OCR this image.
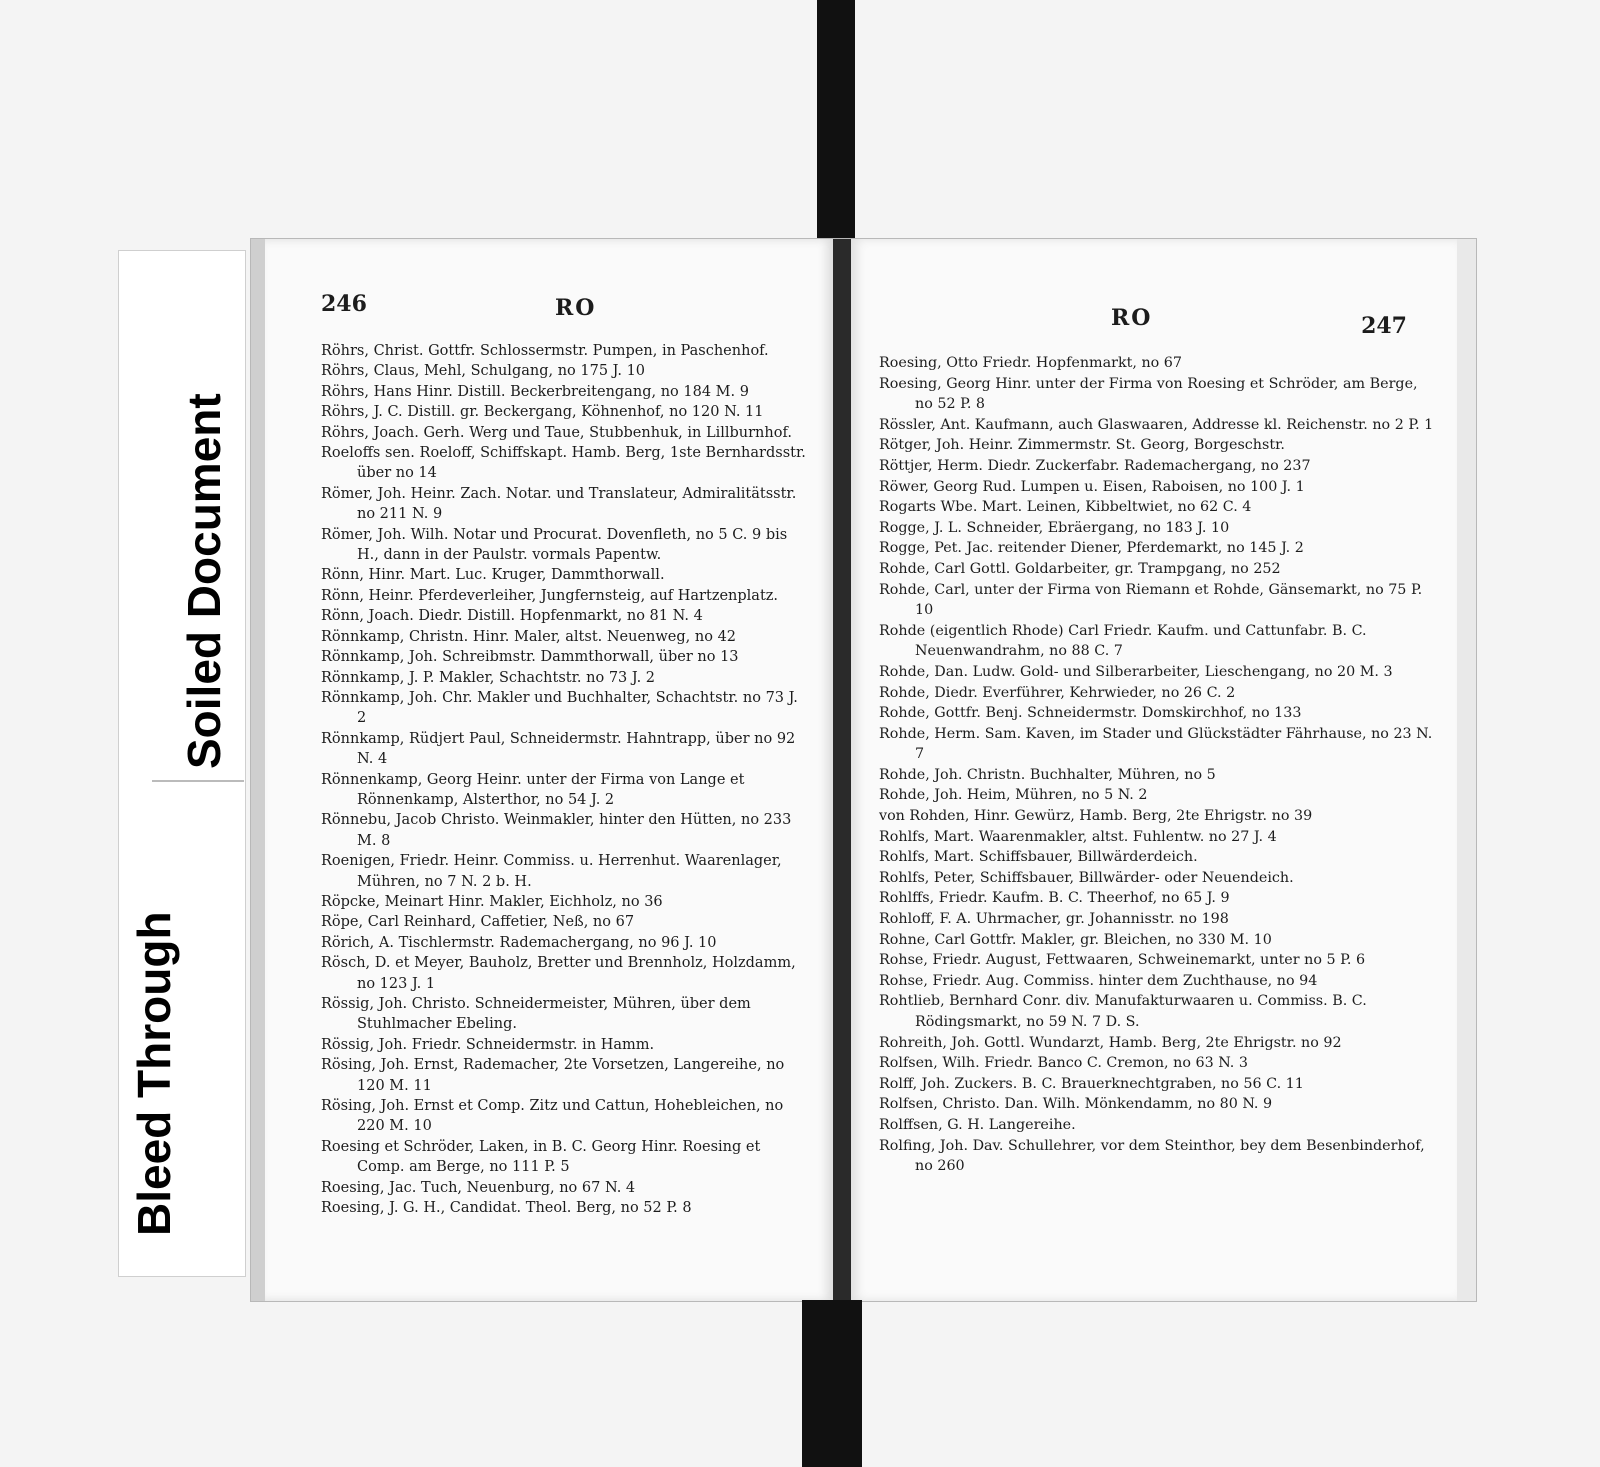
Soiled Document
Bleed Through
246	RO

Röhrs, Christ. Gottfr. Schlossermstr. Pumpen, in Paschenhof.

Röhrs, Claus, Mehl, Schulgang, no 175 J. 10

Röhrs, Hans Hinr. Distill. Beckerbreitengang, no 184 M. 9

Röhrs, J. C. Distill. gr. Beckergang, Köhnenhof, no 120 N. 11

Röhrs, Joach. Gerh. Werg und Taue, Stubbenhuk, in Lillburnhof.

Roeloffs sen. Roeloff, Schiffskapt. Hamb. Berg, 1ste Bernhardsstr. über no 14

Römer, Joh. Heinr. Zach. Notar. und Translateur, Admiralitätsstr. no 211 N. 9

Römer, Joh. Wilh. Notar und Procurat. Dovenfleth, no 5 C. 9 bis H., dann in der Paulstr. vormals Papentw.

Rönn, Hinr. Mart. Luc. Kruger, Dammthorwall.

Rönn, Heinr. Pferdeverleiher, Jungfernsteig, auf Hartzenplatz.

Rönn, Joach. Diedr. Distill. Hopfenmarkt, no 81 N. 4

Rönnkamp, Christn. Hinr. Maler, altst. Neuenweg, no 42

Rönnkamp, Joh. Schreibmstr. Dammthorwall, über no 13

Rönnkamp, J. P. Makler, Schachtstr. no 73 J. 2

Rönnkamp, Joh. Chr. Makler und Buchhalter, Schachtstr. no 73 J. 2

Rönnkamp, Rüdjert Paul, Schneidermstr. Hahntrapp, über no 92 N. 4

Rönnenkamp, Georg Heinr. unter der Firma von Lange et Rönnenkamp, Alsterthor, no 54 J. 2

Rönnebu, Jacob Christo. Weinmakler, hinter den Hütten, no 233 M. 8

Roenigen, Friedr. Heinr. Commiss. u. Herrenhut. Waarenlager, Mühren, no 7 N. 2 b. H.

Röpcke, Meinart Hinr. Makler, Eichholz, no 36

Röpe, Carl Reinhard, Caffetier, Neß, no 67

Rörich, A. Tischlermstr. Rademachergang, no 96 J. 10

Rösch, D. et Meyer, Bauholz, Bretter und Brennholz, Holzdamm, no 123 J. 1

Rössig, Joh. Christo. Schneidermeister, Mühren, über dem Stuhlmacher Ebeling.

Rössig, Joh. Friedr. Schneidermstr. in Hamm.

Rösing, Joh. Ernst, Rademacher, 2te Vorsetzen, Langereihe, no 120 M. 11

Rösing, Joh. Ernst et Comp. Zitz und Cattun, Hohebleichen, no 220 M. 10

Roesing et Schröder, Laken, in B. C. Georg Hinr. Roesing et Comp. am Berge, no 111 P. 5

Roesing, Jac. Tuch, Neuenburg, no 67 N. 4

Roesing, J. G. H., Candidat. Theol. Berg, no 52 P. 8

RO	247

Roesing, Otto Friedr. Hopfenmarkt, no 67

Roesing, Georg Hinr. unter der Firma von Roesing et Schröder, am Berge, no 52 P. 8

Rössler, Ant. Kaufmann, auch Glaswaaren, Addresse kl. Reichenstr. no 2 P. 1

Rötger, Joh. Heinr. Zimmermstr. St. Georg, Borgeschstr.

Röttjer, Herm. Diedr. Zuckerfabr. Rademachergang, no 237

Röwer, Georg Rud. Lumpen u. Eisen, Raboisen, no 100 J. 1

Rogarts Wbe. Mart. Leinen, Kibbeltwiet, no 62 C. 4

Rogge, J. L. Schneider, Ebräergang, no 183 J. 10

Rogge, Pet. Jac. reitender Diener, Pferdemarkt, no 145 J. 2

Rohde, Carl Gottl. Goldarbeiter, gr. Trampgang, no 252

Rohde, Carl, unter der Firma von Riemann et Rohde, Gänsemarkt, no 75 P. 10

Rohde (eigentlich Rhode) Carl Friedr. Kaufm. und Cattunfabr. B. C. Neuenwandrahm, no 88 C. 7

Rohde, Dan. Ludw. Gold- und Silberarbeiter, Lieschengang, no 20 M. 3

Rohde, Diedr. Everführer, Kehrwieder, no 26 C. 2

Rohde, Gottfr. Benj. Schneidermstr. Domskirchhof, no 133

Rohde, Herm. Sam. Kaven, im Stader und Glückstädter Fährhause, no 23 N. 7

Rohde, Joh. Christn. Buchhalter, Mühren, no 5

Rohde, Joh. Heim, Mühren, no 5 N. 2

von Rohden, Hinr. Gewürz, Hamb. Berg, 2te Ehrigstr. no 39

Rohlfs, Mart. Waarenmakler, altst. Fuhlentw. no 27 J. 4

Rohlfs, Mart. Schiffsbauer, Billwärderdeich.

Rohlfs, Peter, Schiffsbauer, Billwärder- oder Neuendeich.

Rohlffs, Friedr. Kaufm. B. C. Theerhof, no 65 J. 9

Rohloff, F. A. Uhrmacher, gr. Johannisstr. no 198

Rohne, Carl Gottfr. Makler, gr. Bleichen, no 330 M. 10

Rohse, Friedr. August, Fettwaaren, Schweinemarkt, unter no 5 P. 6

Rohse, Friedr. Aug. Commiss. hinter dem Zuchthause, no 94

Rohtlieb, Bernhard Conr. div. Manufakturwaaren u. Commiss. B. C. Rödingsmarkt, no 59 N. 7 D. S.

Rohreith, Joh. Gottl. Wundarzt, Hamb. Berg, 2te Ehrigstr. no 92

Rolfsen, Wilh. Friedr. Banco C. Cremon, no 63 N. 3

Rolff, Joh. Zuckers. B. C. Brauerknechtgraben, no 56 C. 11

Rolfsen, Christo. Dan. Wilh. Mönkendamm, no 80 N. 9

Rolffsen, G. H. Langereihe.

Rolfing, Joh. Dav. Schullehrer, vor dem Steinthor, bey dem Besenbinderhof, no 260
